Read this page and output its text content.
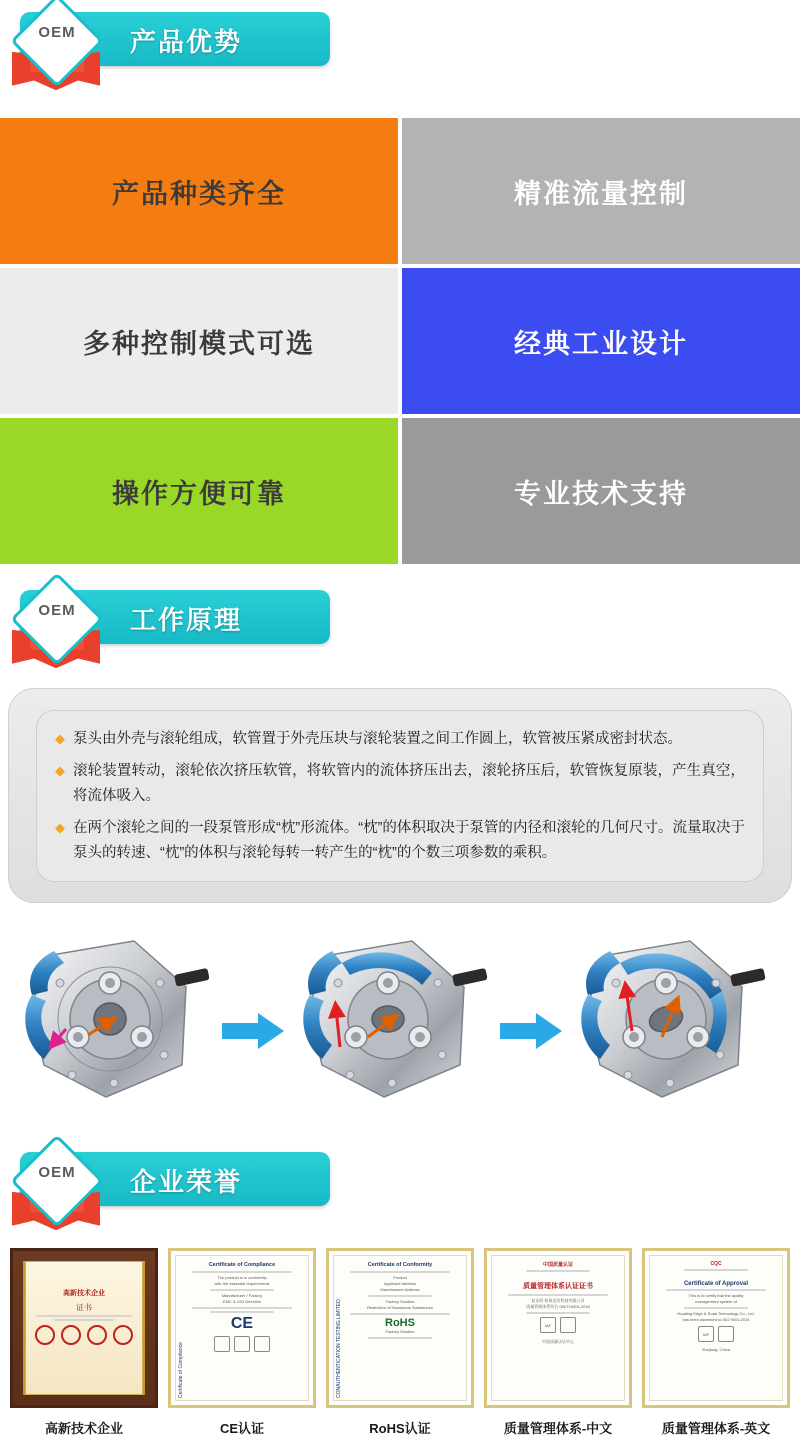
产品优势
OEM
产品种类齐全	精准流量控制
多种控制模式可选	经典工业设计
操作方便可靠	专业技术支持
工作原理
OEM
◆ 泵头由外壳与滚轮组成，软管置于外壳压块与滚轮装置之间工作圆上，软管被压紧成密封状态。
◆ 滚轮装置转动，滚轮依次挤压软管，将软管内的流体挤压出去，滚轮挤压后，软管恢复原装，产生真空，将流体吸入。
◆ 在两个滚轮之间的一段泵管形成“枕”形流体。“枕”的体积取决于泵管的内径和滚轮的几何尺寸。流量取决于泵头的转速、“枕”的体积与滚轮每转一转产生的“枕”的个数三项参数的乘积。
企业荣誉
OEM
高新技术企业
证书
高新技术企业
Certificate of Compliance
Certificate of Compliance
The product is in conformity
with the essential requirements
Manufacturer / Factory
EMC & LVD Directive
CE
CE认证
CONAUTHENTICATION TESTING LIMITED
Certificate of Conformity
Product
Applicant Address
Manufacturer Address
Factory Solution
Restriction of Hazardous Substances
RoHS
Factory Solution
RoHS认证
中国质量认证
质量管理体系认证证书
兹证明 杭州迅肯科技有限公司
质量管理体系符合 GB/T19001-2016
IAF
中国质量认证中心
质量管理体系-中文
CQC
Certificate of Approval
This is to certify that the quality
management system of
Huading Edge & Road Technology Co., Ltd.
has been assessed to ISO 9001:2015
IAF
Zhejiang, China
质量管理体系-英文
